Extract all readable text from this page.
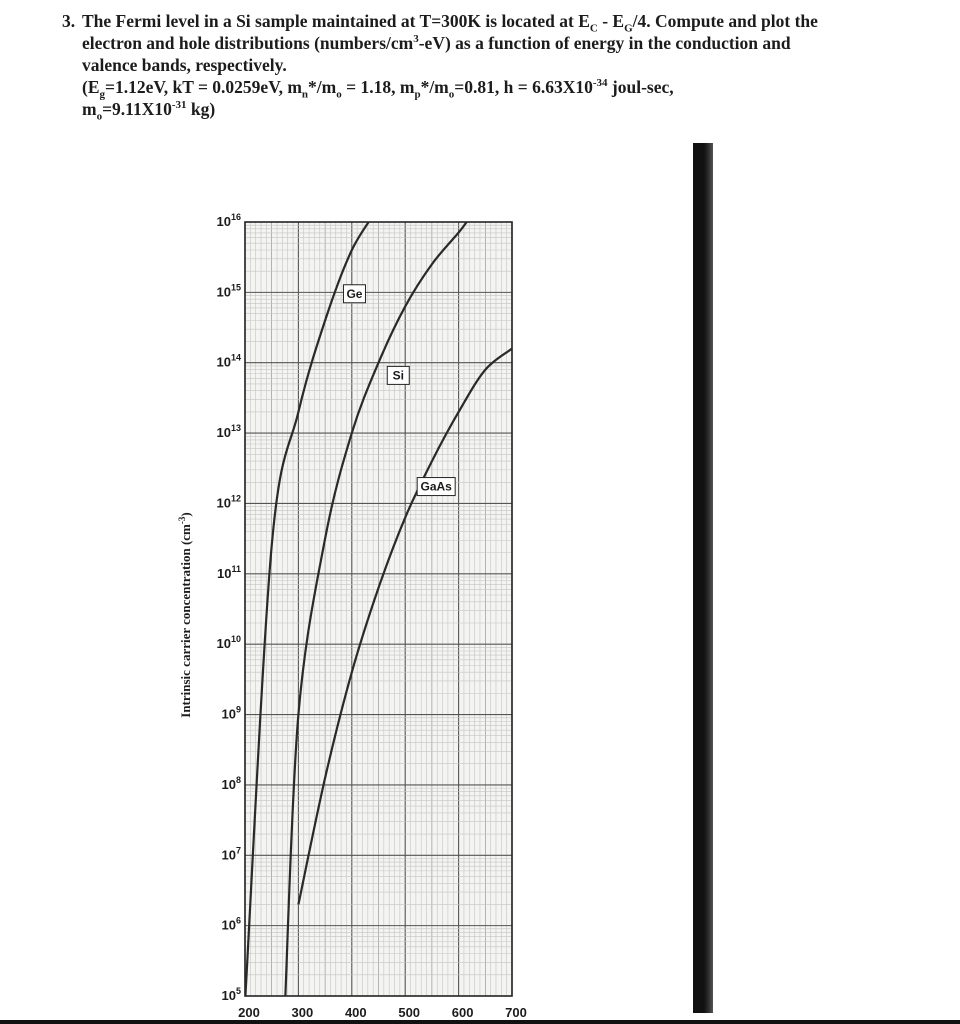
3. The Fermi level in a Si sample maintained at T=300K is located at $E_C - E_G/4$. Compute and plot the
electron and hole distributions $(numbers/cm^3-eV)$ as a function of energy in the conduction and
valence bands, respectively.
($E_g=1.12eV$, kT = 0.0259eV, $m_n*/m_o = 1.18$, $m_p*/m_o=0.81$, $h = 6.63X10^{-34}$ joul-sec,
$m_o=9.11X10^{-31}$ kg)
$10^5$
$10^6$
$10^7$
$10^8$
$10^9$
$10^{10}$
$10^{11}$
$10^{12}$
$10^{13}$
$10^{14}$
$10^{15}$
$10^{16}$
200 300 400 500 600 700
Ge
Si
GaAs
Intrinsic carrier concentration $(cm^{-3})$
